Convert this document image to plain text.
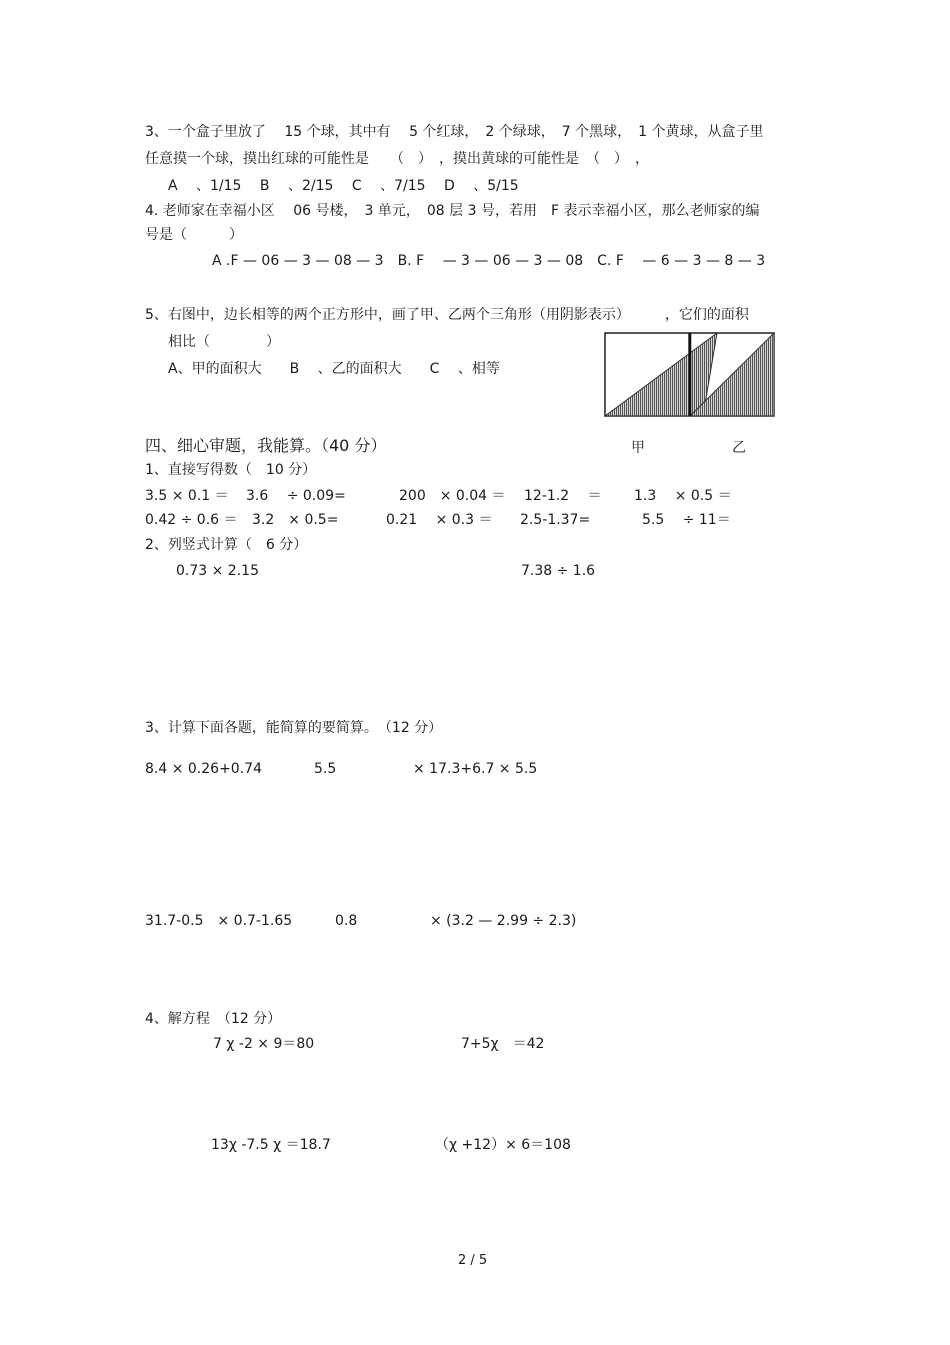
3、一个盒子里放了　 15 个球，其中有　 5 个红球，　2 个绿球，　7 个黑球，　1 个黄球，从盒子里
任意摸一个球，摸出红球的可能性是　　（　）　，摸出黄球的可能性是　（　）　，
A　 、1/15　 B　 、2/15　 C　 、7/15　 D　 、5/15
4. 老师家在幸福小区　 06 号楼，　3 单元，　08 层 3 号，若用　F 表示幸福小区，那么老师家的编
号是（　　　）
A .F — 06 — 3 — 08 — 3　B. F　 — 3 — 06 — 3 — 08　C. F　 — 6 — 3 — 8 — 3
5、右图中，边长相等的两个正方形中，画了甲、乙两个三角形（用阴影表示）　　　，它们的面积
相比（　　　　）
A、甲的面积大　　B　 、乙的面积大　　C　 、相等
甲	乙
四、细心审题，我能算。（40 分）
1、直接写得数（　10 分）
3.5 × 0.1 ＝ 3.6　 ÷ 0.09=	200　× 0.04 ＝ 12-1.2　 ＝ 1.3　 × 0.5 ＝
0.42 ÷ 0.6 ＝ 3.2　× 0.5=	0.21　 × 0.3 ＝ 2.5-1.37=	5.5　 ÷ 11＝
2、列竖式计算（　6 分）
0.73 × 2.15	7.38 ÷ 1.6
3、计算下面各题，能简算的要简算。　（12 分）
8.4 × 0.26+0.74	5.5	× 17.3+6.7 × 5.5
31.7-0.5　× 0.7-1.65	0.8	× (3.2 — 2.99 ÷ 2.3)
4、解方程　（12 分）
7 χ -2 × 9＝80	7+5χ　＝42
13χ -7.5 χ ＝18.7	（χ +12）× 6＝108
2 / 5
